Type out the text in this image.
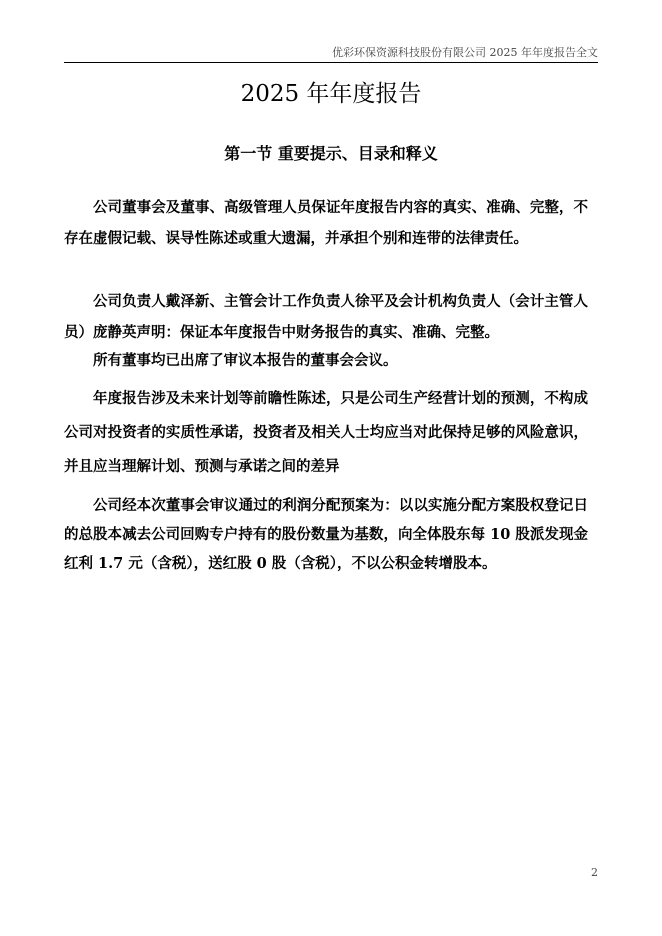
优彩环保资源科技股份有限公司 2025 年年度报告全文
2025 年年度报告
第一节 重要提示、目录和释义

公司董事会及董事、高级管理人员保证年度报告内容的真实、准确、完整，不存在虚假记载、误导性陈述或重大遗漏，并承担个别和连带的法律责任。

公司负责人戴泽新、主管会计工作负责人徐平及会计机构负责人（会计主管人员）庞静英声明：保证本年度报告中财务报告的真实、准确、完整。

所有董事均已出席了审议本报告的董事会会议。

年度报告涉及未来计划等前瞻性陈述，只是公司生产经营计划的预测，不构成公司对投资者的实质性承诺，投资者及相关人士均应当对此保持足够的风险意识，并且应当理解计划、预测与承诺之间的差异

公司经本次董事会审议通过的利润分配预案为：以以实施分配方案股权登记日的总股本减去公司回购专户持有的股份数量为基数，向全体股东每 10 股派发现金红利 1.7 元（含税），送红股 0 股（含税），不以公积金转增股本。

2
